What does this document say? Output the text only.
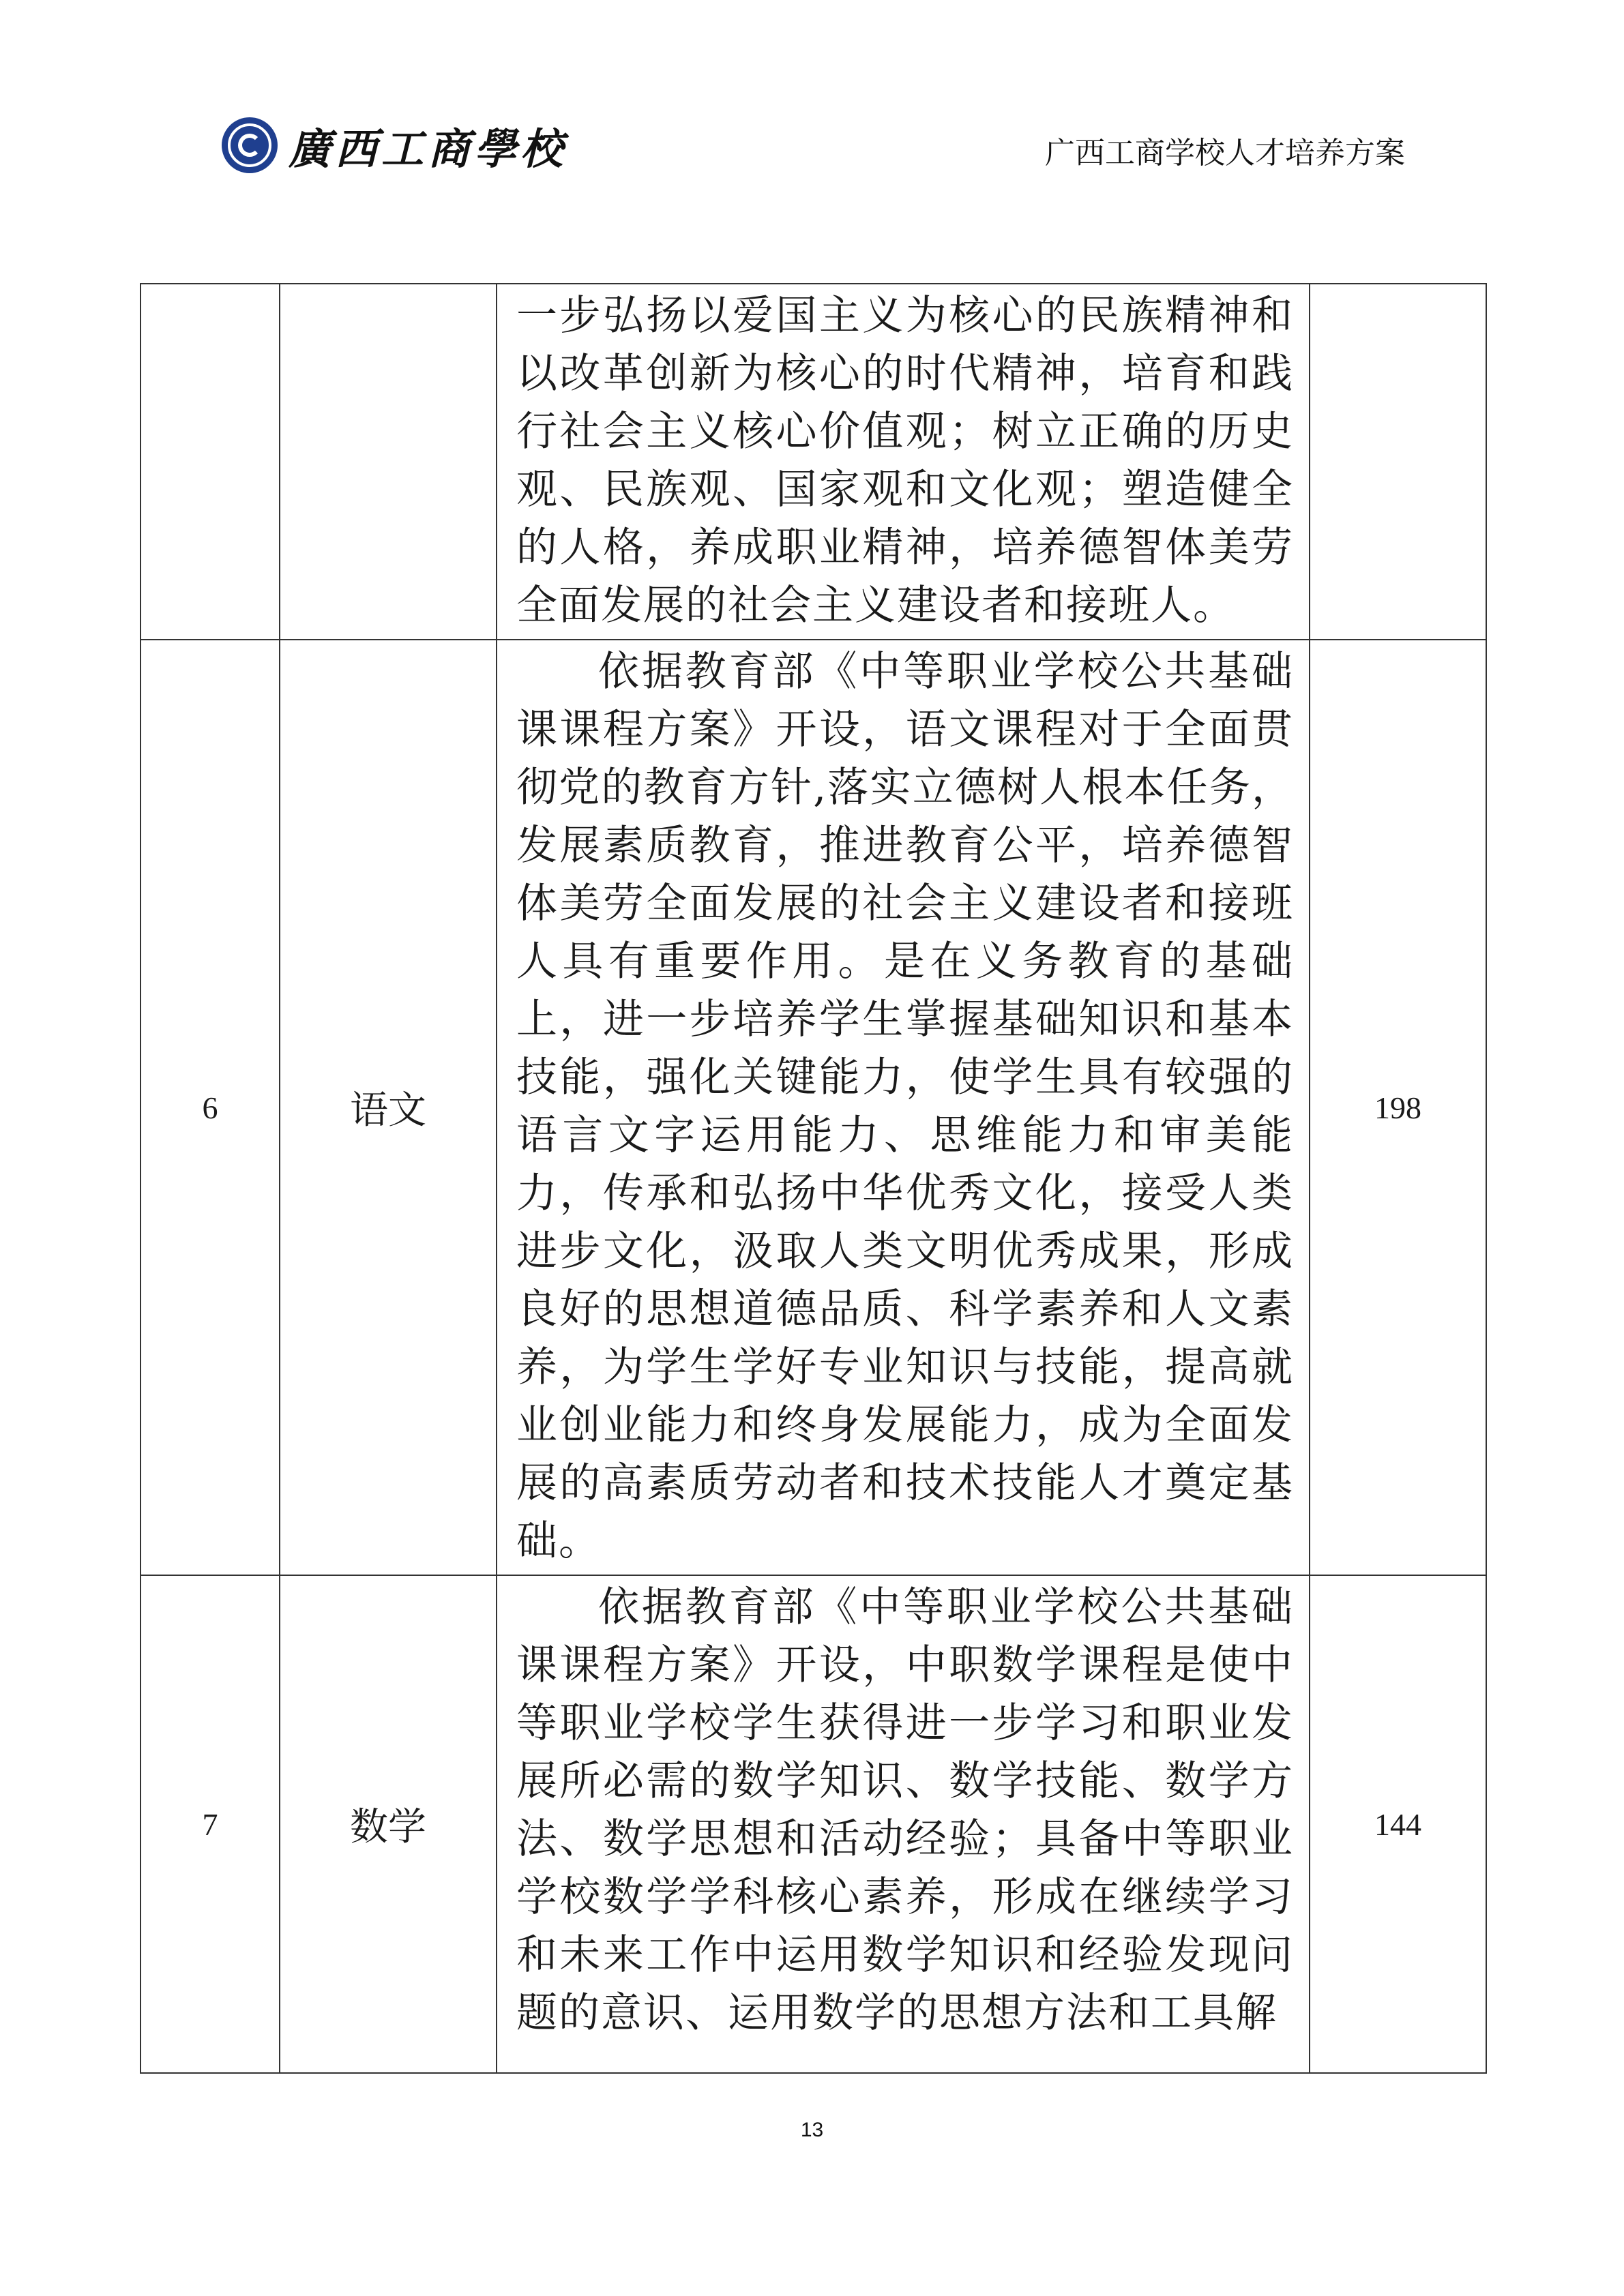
廣西工商學校	广西工商学校人才培养方案
		一步弘扬以爱国主义为核心的民族精神和以改革创新为核心的时代精神，培育和践行社会主义核心价值观；树立正确的历史观、民族观、国家观和文化观；塑造健全的人格，养成职业精神，培养德智体美劳全面发展的社会主义建设者和接班人。	
6	语文	依据教育部《中等职业学校公共基础课课程方案》开设，语文课程对于全面贯彻党的教育方针,落实立德树人根本任务，发展素质教育，推进教育公平，培养德智体美劳全面发展的社会主义建设者和接班人具有重要作用。是在义务教育的基础上，进一步培养学生掌握基础知识和基本技能，强化关键能力，使学生具有较强的语言文字运用能力、思维能力和审美能力，传承和弘扬中华优秀文化，接受人类进步文化，汲取人类文明优秀成果，形成良好的思想道德品质、科学素养和人文素养，为学生学好专业知识与技能，提高就业创业能力和终身发展能力，成为全面发展的高素质劳动者和技术技能人才奠定基础。	198
7	数学	依据教育部《中等职业学校公共基础课课程方案》开设，中职数学课程是使中等职业学校学生获得进一步学习和职业发展所必需的数学知识、数学技能、数学方法、数学思想和活动经验；具备中等职业学校数学学科核心素养，形成在继续学习和未来工作中运用数学知识和经验发现问题的意识、运用数学的思想方法和工具解	144
13
